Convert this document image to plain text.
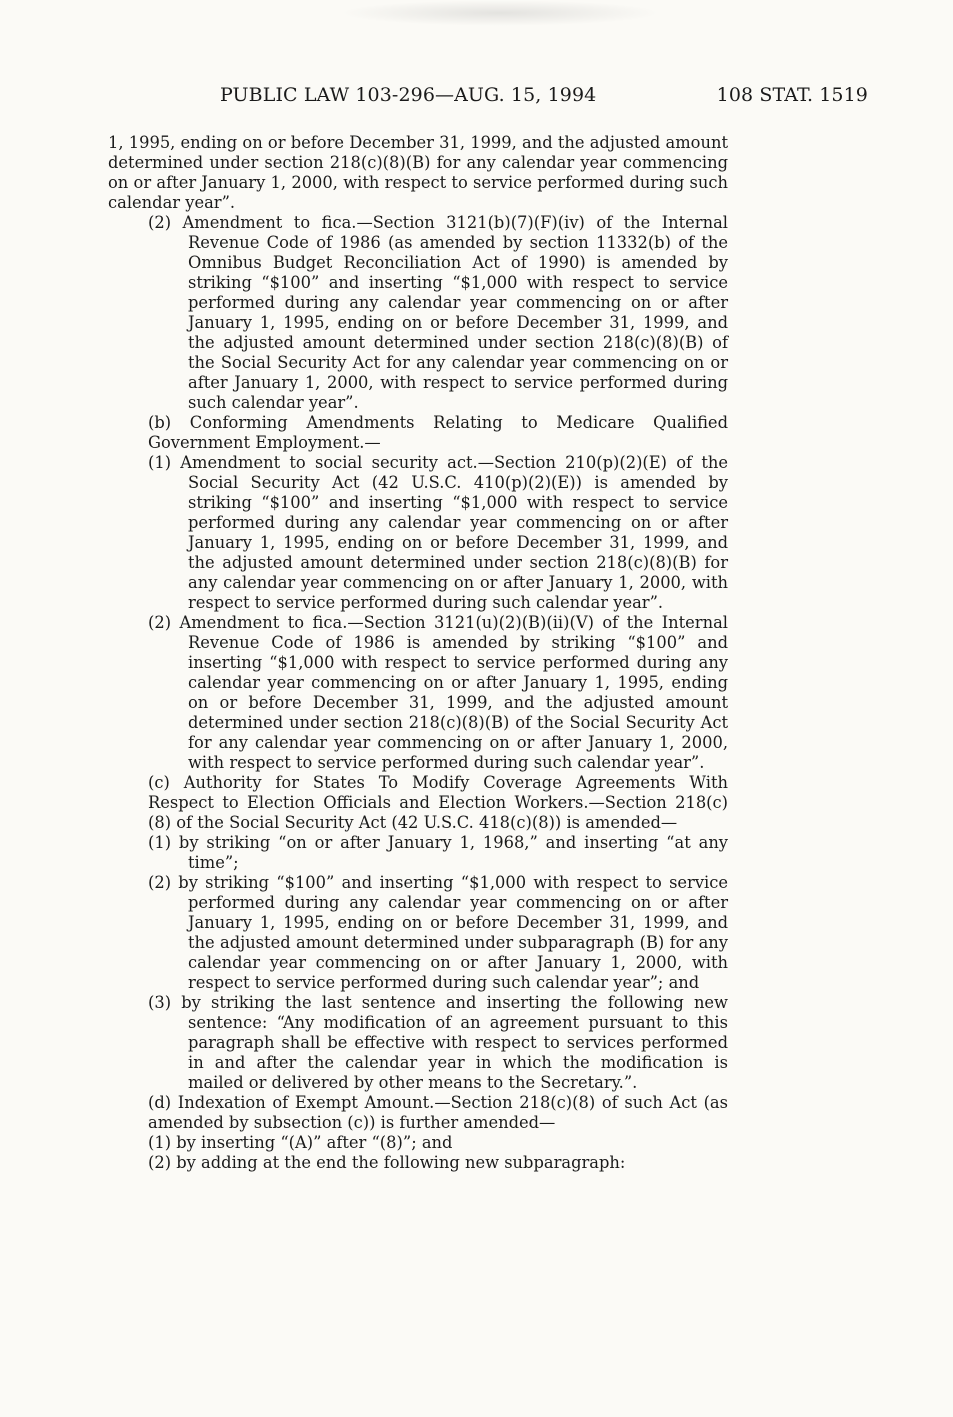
PUBLIC LAW 103-296—AUG. 15, 1994	108 STAT. 1519

1, 1995, ending on or before December 31, 1999, and the adjusted amount determined under section 218(c)(8)(B) for any calendar year commencing on or after January 1, 2000, with respect to service performed during such calendar year”.

(2) Amendment to fica.—Section 3121(b)(7)(F)(iv) of the Internal Revenue Code of 1986 (as amended by section 11332(b) of the Omnibus Budget Reconciliation Act of 1990) is amended by striking “$100” and inserting “$1,000 with respect to service performed during any calendar year commencing on or after January 1, 1995, ending on or before December 31, 1999, and the adjusted amount determined under section 218(c)(8)(B) of the Social Security Act for any calendar year commencing on or after January 1, 2000, with respect to service performed during such calendar year”.

(b) Conforming Amendments Relating to Medicare Qualified Government Employment.—

(1) Amendment to social security act.—Section 210(p)(2)(E) of the Social Security Act (42 U.S.C. 410(p)(2)(E)) is amended by striking “$100” and inserting “$1,000 with respect to service performed during any calendar year commencing on or after January 1, 1995, ending on or before December 31, 1999, and the adjusted amount determined under section 218(c)(8)(B) for any calendar year commencing on or after January 1, 2000, with respect to service performed during such calendar year”.

(2) Amendment to fica.—Section 3121(u)(2)(B)(ii)(V) of the Internal Revenue Code of 1986 is amended by striking “$100” and inserting “$1,000 with respect to service performed during any calendar year commencing on or after January 1, 1995, ending on or before December 31, 1999, and the adjusted amount determined under section 218(c)(8)(B) of the Social Security Act for any calendar year commencing on or after January 1, 2000, with respect to service performed during such calendar year”.

(c) Authority for States To Modify Coverage Agreements With Respect to Election Officials and Election Workers.—Section 218(c)(8) of the Social Security Act (42 U.S.C. 418(c)(8)) is amended—

(1) by striking “on or after January 1, 1968,” and inserting “at any time”;

(2) by striking “$100” and inserting “$1,000 with respect to service performed during any calendar year commencing on or after January 1, 1995, ending on or before December 31, 1999, and the adjusted amount determined under subparagraph (B) for any calendar year commencing on or after January 1, 2000, with respect to service performed during such calendar year”; and

(3) by striking the last sentence and inserting the following new sentence: “Any modification of an agreement pursuant to this paragraph shall be effective with respect to services performed in and after the calendar year in which the modification is mailed or delivered by other means to the Secretary.”.

(d) Indexation of Exempt Amount.—Section 218(c)(8) of such Act (as amended by subsection (c)) is further amended—

(1) by inserting “(A)” after “(8)”; and

(2) by adding at the end the following new subparagraph:
